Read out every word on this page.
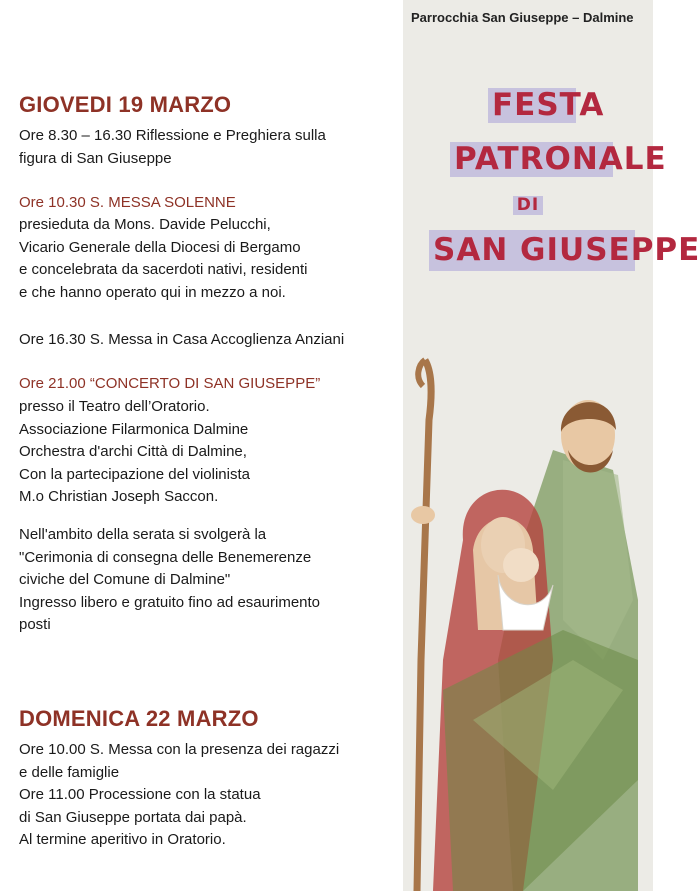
GIOVEDI 19 MARZO
Ore 8.30 – 16.30 Riflessione e Preghiera sulla
figura di San Giuseppe
Ore 10.30 S. MESSA SOLENNE
presieduta da Mons. Davide Pelucchi,
Vicario Generale della Diocesi di Bergamo
e concelebrata da sacerdoti nativi, residenti
e che hanno operato qui in mezzo a noi.
Ore 16.30 S. Messa in Casa Accoglienza Anziani
Ore 21.00 “CONCERTO DI SAN GIUSEPPE”
presso il Teatro dell’Oratorio.
Associazione Filarmonica Dalmine
Orchestra d'archi Città di Dalmine,
Con la partecipazione del violinista
M.o Christian Joseph Saccon.
Nell'ambito della serata si svolgerà la
"Cerimonia di consegna delle Benemerenze
civiche del Comune di Dalmine"
Ingresso libero e gratuito fino ad esaurimento
posti
DOMENICA 22 MARZO
Ore 10.00 S. Messa con la presenza dei ragazzi
e delle famiglie
Ore 11.00 Processione con la statua
di San Giuseppe portata dai papà.
Al termine aperitivo in Oratorio.
Parrocchia San Giuseppe – Dalmine
FESTA
PATRONALE
DI
SAN GIUSEPPE
